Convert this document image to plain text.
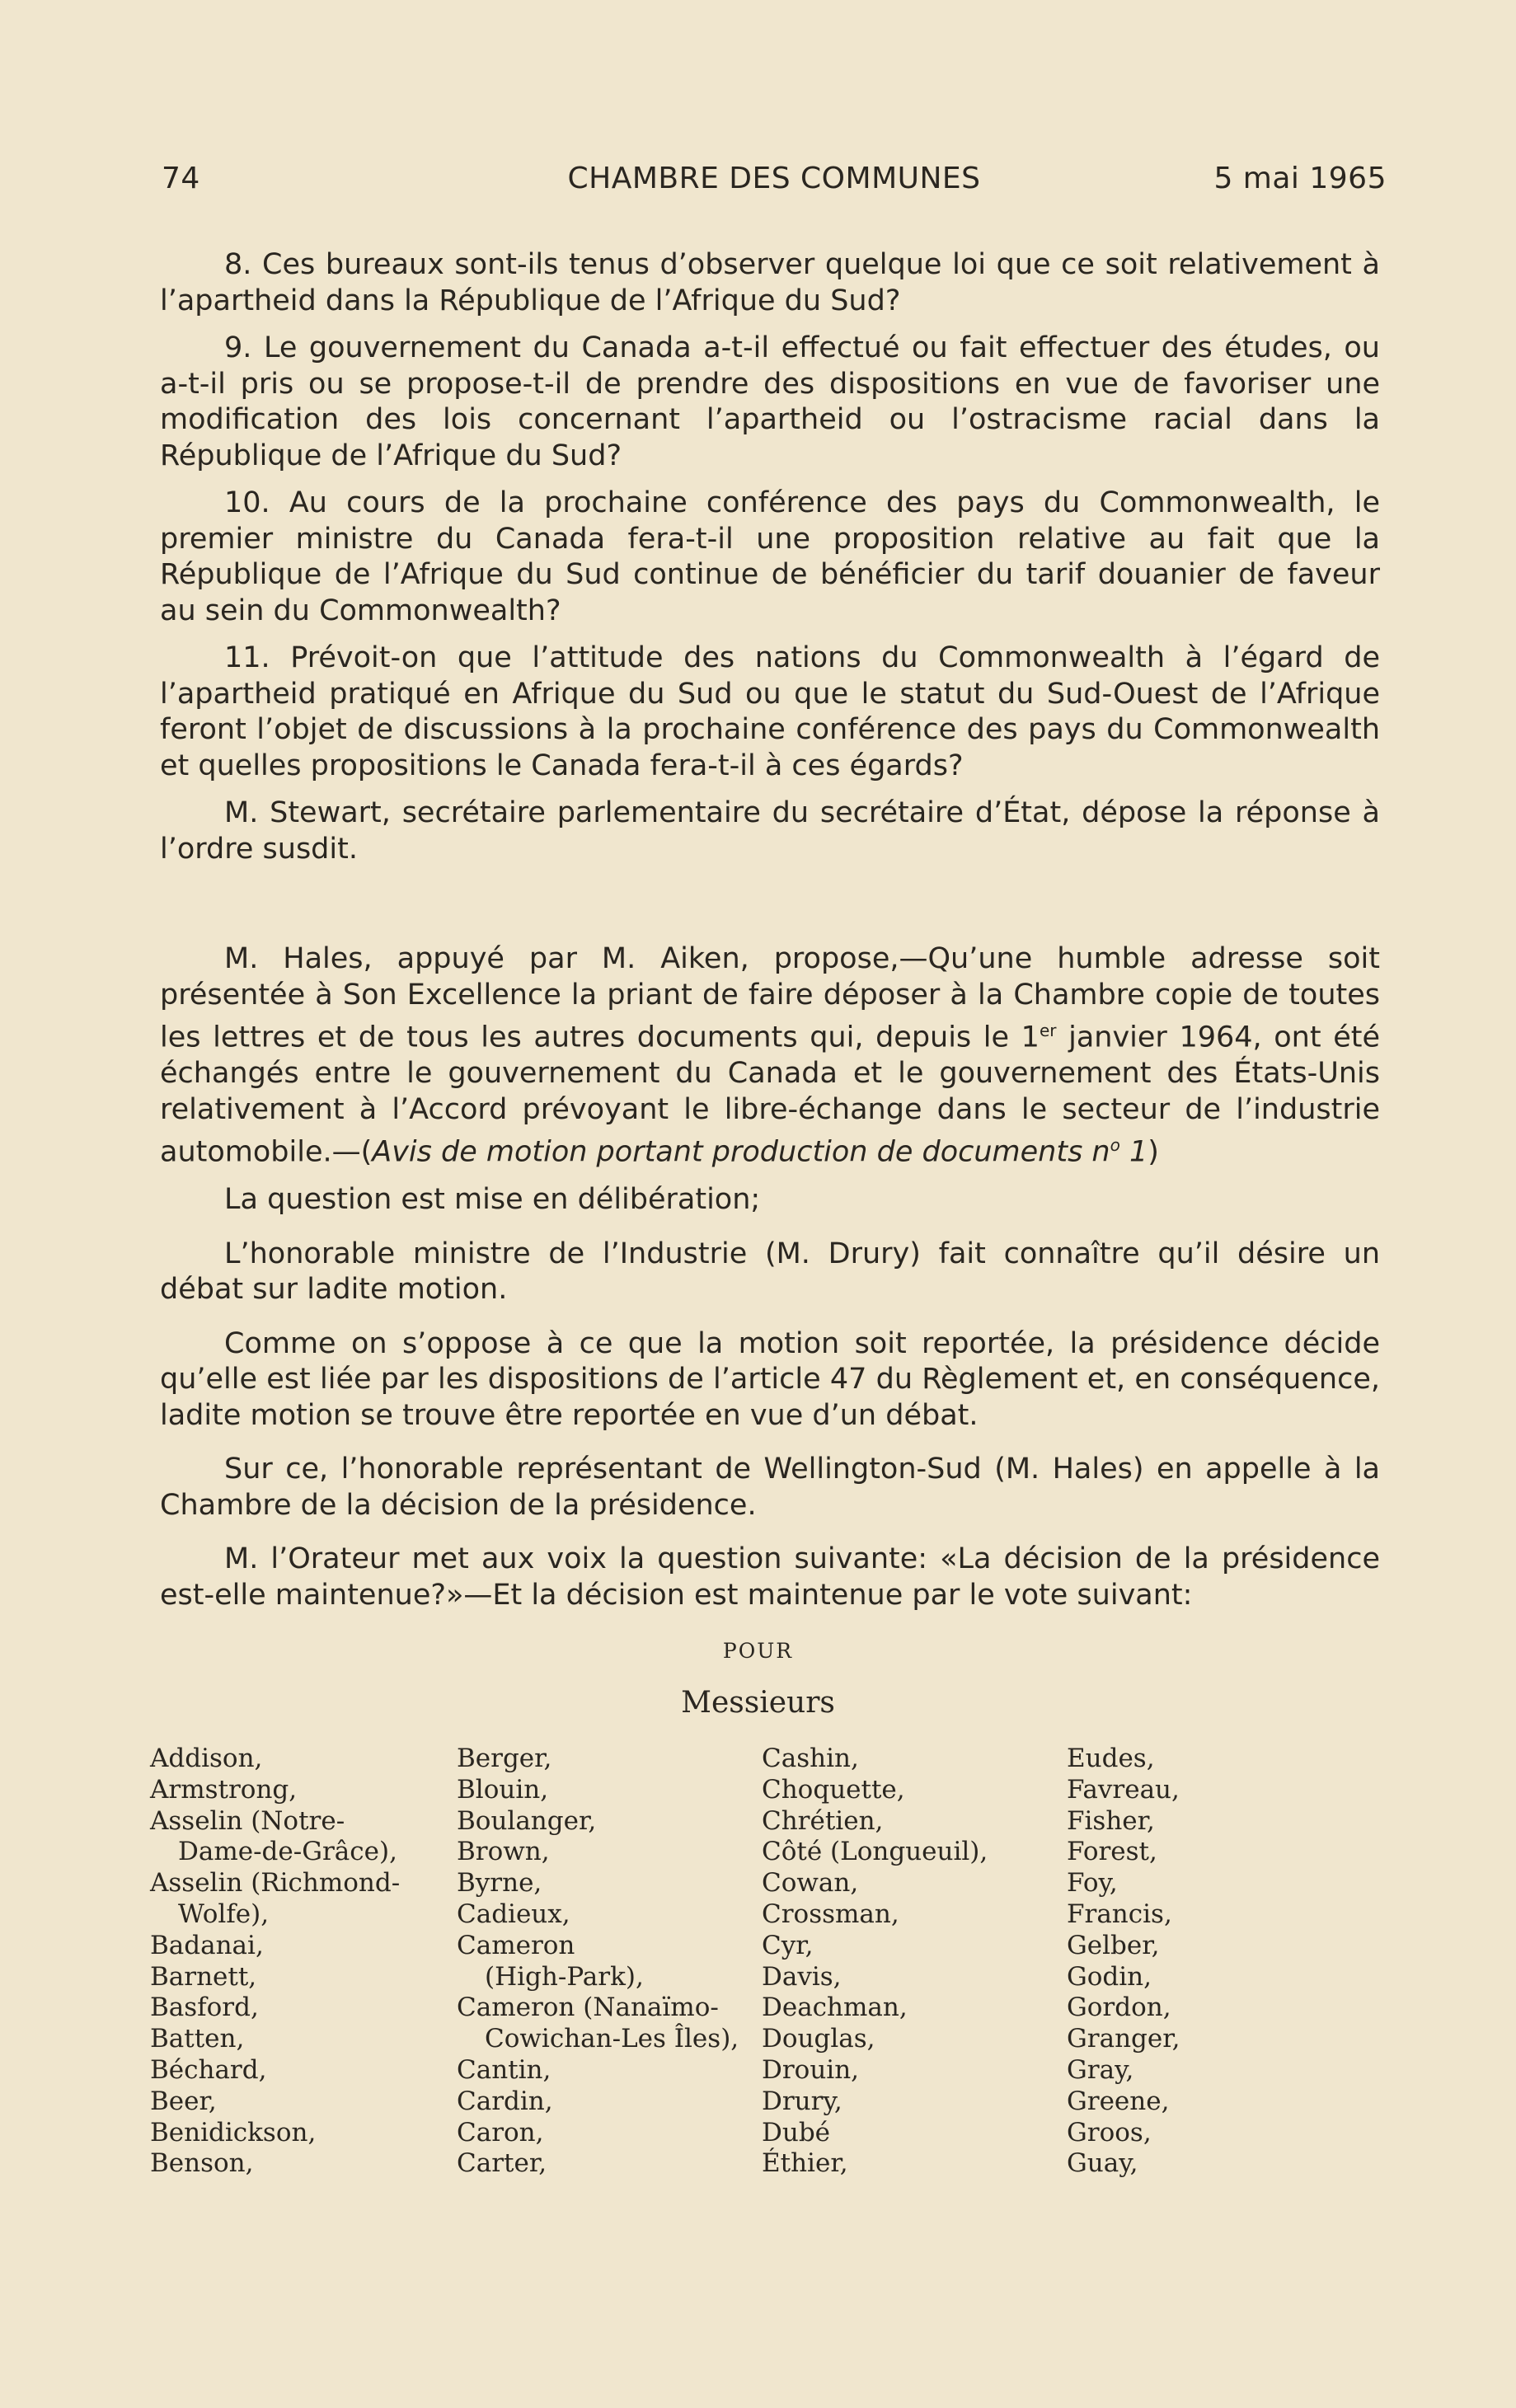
74	CHAMBRE DES COMMUNES	5 mai 1965

8. Ces bureaux sont-ils tenus d’observer quelque loi que ce soit relativement à l’apartheid dans la République de l’Afrique du Sud?

9. Le gouvernement du Canada a-t-il effectué ou fait effectuer des études, ou a-t-il pris ou se propose-t-il de prendre des dispositions en vue de favoriser une modification des lois concernant l’apartheid ou l’ostracisme racial dans la République de l’Afrique du Sud?

10. Au cours de la prochaine conférence des pays du Commonwealth, le premier ministre du Canada fera-t-il une proposition relative au fait que la République de l’Afrique du Sud continue de bénéficier du tarif douanier de faveur au sein du Commonwealth?

11. Prévoit-on que l’attitude des nations du Commonwealth à l’égard de l’apartheid pratiqué en Afrique du Sud ou que le statut du Sud-Ouest de l’Afrique feront l’objet de discussions à la prochaine conférence des pays du Commonwealth et quelles propositions le Canada fera-t-il à ces égards?

M. Stewart, secrétaire parlementaire du secrétaire d’État, dépose la réponse à l’ordre susdit.

M. Hales, appuyé par M. Aiken, propose,—Qu’une humble adresse soit présentée à Son Excellence la priant de faire déposer à la Chambre copie de toutes les lettres et de tous les autres documents qui, depuis le 1er janvier 1964, ont été échangés entre le gouvernement du Canada et le gouvernement des États-Unis relativement à l’Accord prévoyant le libre-échange dans le secteur de l’industrie automobile.—(Avis de motion portant production de documents $n^o$ 1)

La question est mise en délibération;

L’honorable ministre de l’Industrie (M. Drury) fait connaître qu’il désire un débat sur ladite motion.

Comme on s’oppose à ce que la motion soit reportée, la présidence décide qu’elle est liée par les dispositions de l’article 47 du Règlement et, en conséquence, ladite motion se trouve être reportée en vue d’un débat.

Sur ce, l’honorable représentant de Wellington-Sud (M. Hales) en appelle à la Chambre de la décision de la présidence.

M. l’Orateur met aux voix la question suivante: «La décision de la présidence est-elle maintenue?»—Et la décision est maintenue par le vote suivant:

POUR
Messieurs
Addison,
Armstrong,
Asselin (Notre-
Dame-de-Grâce),
Asselin (Richmond-
Wolfe),
Badanai,
Barnett,
Basford,
Batten,
Béchard,
Beer,
Benidickson,
Benson,
Berger,
Blouin,
Boulanger,
Brown,
Byrne,
Cadieux,
Cameron
(High-Park),
Cameron (Nanaïmo-
Cowichan-Les Îles),
Cantin,
Cardin,
Caron,
Carter,
Cashin,
Choquette,
Chrétien,
Côté (Longueuil),
Cowan,
Crossman,
Cyr,
Davis,
Deachman,
Douglas,
Drouin,
Drury,
Dubé
Éthier,
Eudes,
Favreau,
Fisher,
Forest,
Foy,
Francis,
Gelber,
Godin,
Gordon,
Granger,
Gray,
Greene,
Groos,
Guay,
